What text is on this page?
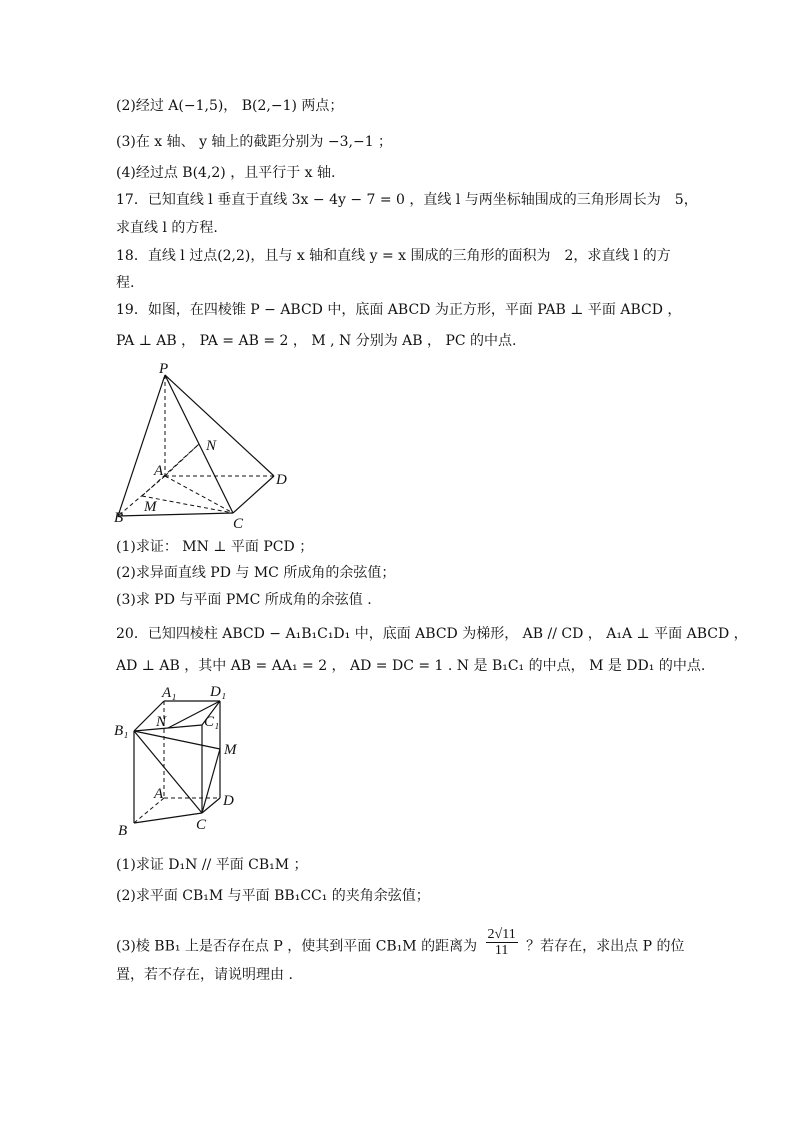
(2)经过 A(−1,5)， B(2,−1) 两点；
(3)在 x 轴、 y 轴上的截距分别为 −3,−1 ；
(4)经过点 B(4,2) ，且平行于 x 轴.
17．已知直线 l 垂直于直线 3x − 4y − 7 = 0 ，直线 l 与两坐标轴围成的三角形周长为　5，
求直线 l 的方程.
18．直线 l 过点(2,2)，且与 x 轴和直线 y = x 围成的三角形的面积为　2，求直线 l 的方
程.
19．如图，在四棱锥 P − ABCD 中，底面 ABCD 为正方形，平面 PAB ⊥ 平面 ABCD ，
PA ⊥ AB ， PA = AB = 2 ， M , N 分别为 AB ， PC 的中点.
P
N
A
D
B
M
C
(1)求证： MN ⊥ 平面 PCD ；
(2)求异面直线 PD 与 MC 所成角的余弦值；
(3)求 PD 与平面 PMC 所成角的余弦值 .
20．已知四棱柱 ABCD − A₁B₁C₁D₁ 中，底面 ABCD 为梯形， AB // CD ， A₁A ⊥ 平面 ABCD ，
AD ⊥ AB ，其中 AB = AA₁ = 2 ， AD = DC = 1 . N 是 B₁C₁ 的中点， M 是 DD₁ 的中点.
A₁ D₁
N	C₁
B₁
M
A	D
B	C
(1)求证 D₁N // 平面 CB₁M ；
(2)求平面 CB₁M 与平面 BB₁CC₁ 的夹角余弦值；
(3)棱 BB₁ 上是否存在点 P ，使其到平面 CB₁M 的距离为 $\frac{2√11}{11}$ ？若存在，求出点 P 的位
置，若不存在，请说明理由 .
